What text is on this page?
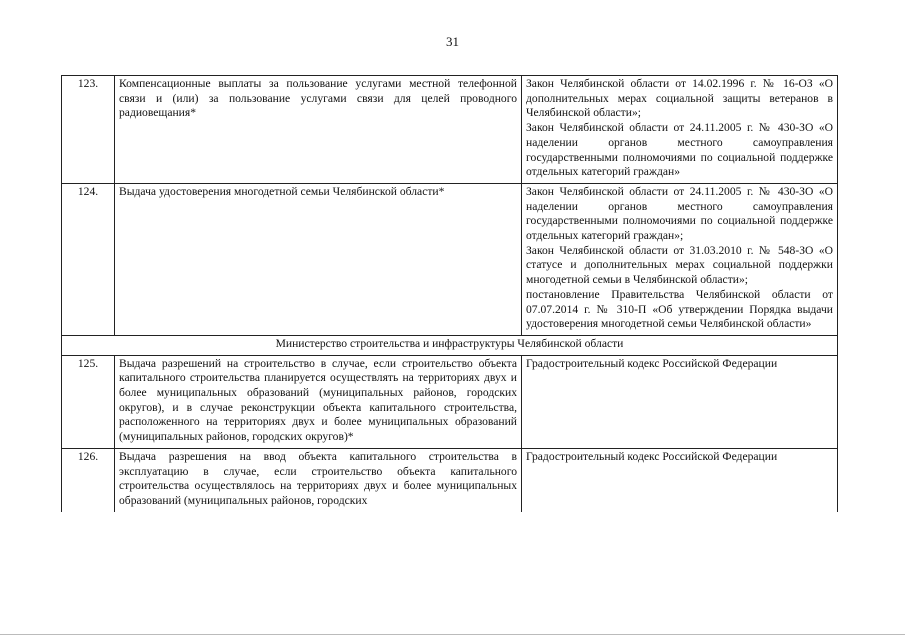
31
123.	Компенсационные выплаты за пользование услугами местной телефонной связи и (или) за пользование услугами связи для целей проводного радиовещания*	Закон Челябинской области от 14.02.1996 г. № 16-ОЗ «О дополнительных мерах социальной защиты ветеранов в Челябинской области»;
Закон Челябинской области от 24.11.2005 г. № 430-ЗО «О наделении органов местного самоуправления государственными полномочиями по социальной поддержке отдельных категорий граждан»

124.	Выдача удостоверения многодетной семьи Челябинской области*	Закон Челябинской области от 24.11.2005 г. № 430-ЗО «О наделении органов местного самоуправления государственными полномочиями по социальной поддержке отдельных категорий граждан»;
Закон Челябинской области от 31.03.2010 г. № 548-ЗО «О статусе и дополнительных мерах социальной поддержки многодетной семьи в Челябинской области»;
постановление Правительства Челябинской области от 07.07.2014 г. № 310-П «Об утверждении Порядка выдачи удостоверения многодетной семьи Челябинской области»

Министерство строительства и инфраструктуры Челябинской области		
125.	Выдача разрешений на строительство в случае, если строительство объекта капитального строительства планируется осуществлять на территориях двух и более муниципальных образований (муниципальных районов, городских округов), и в случае реконструкции объекта капитального строительства, расположенного на территориях двух и более муниципальных образований (муниципальных районов, городских округов)*	Градостроительный кодекс Российской Федерации

126.	Выдача разрешения на ввод объекта капитального строительства в эксплуатацию в случае, если строительство объекта капитального строительства осуществлялось на территориях двух и более муниципальных образований (муниципальных районов, городских	Градостроительный кодекс Российской Федерации
